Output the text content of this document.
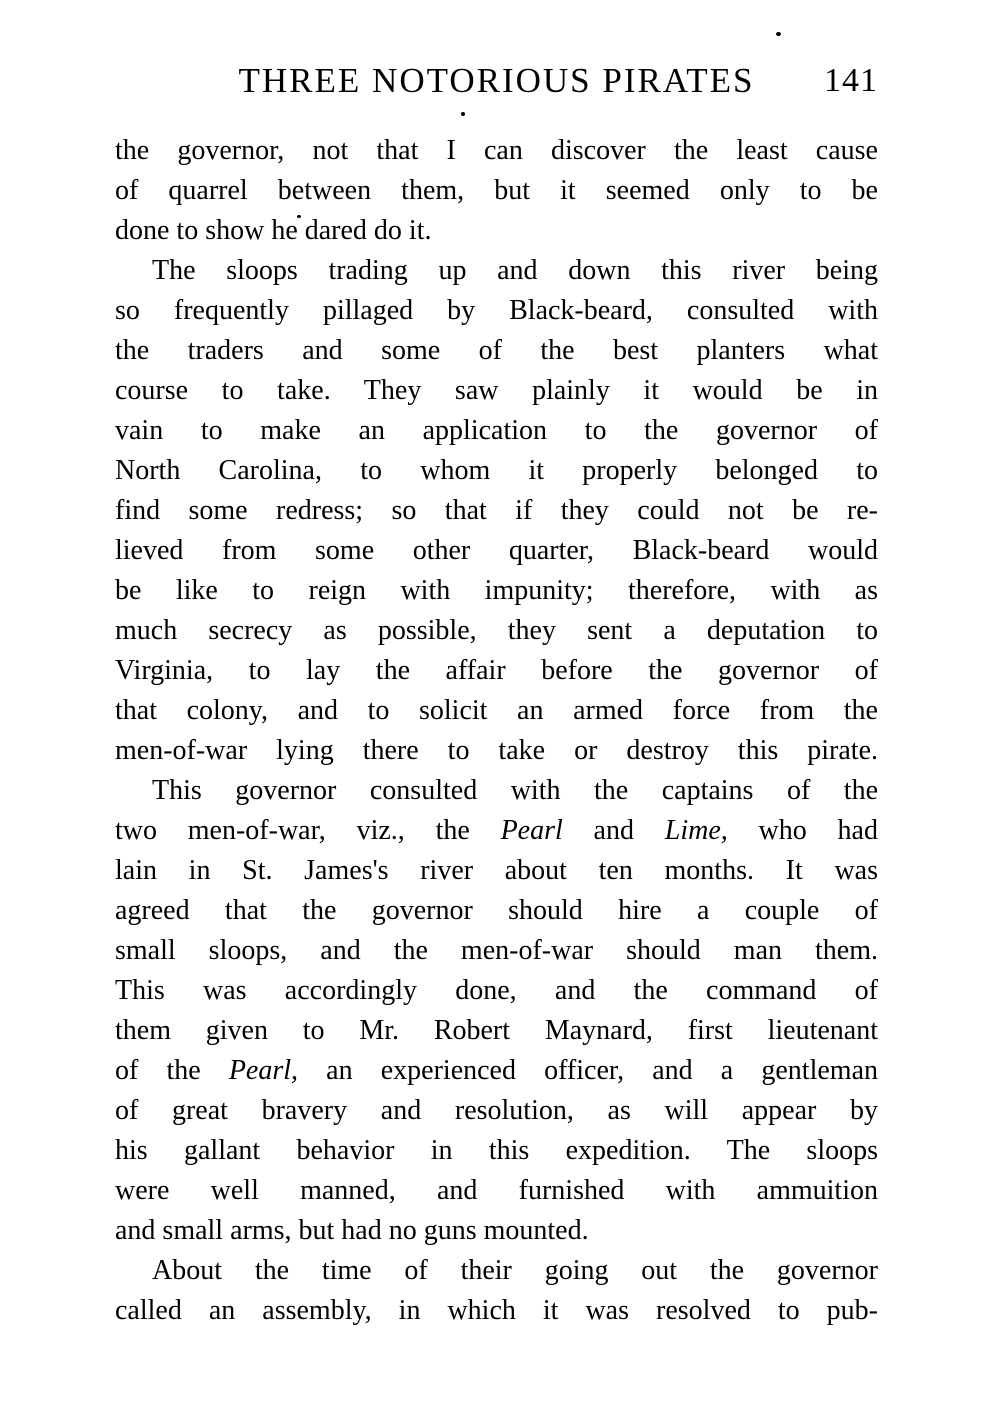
THREE NOTORIOUS PIRATES	141
the governor, not that I can discover the least cause
of quarrel between them, but it seemed only to be
done to show he dared do it.
The sloops trading up and down this river being
so frequently pillaged by Black-beard, consulted with
the traders and some of the best planters what
course to take. They saw plainly it would be in
vain to make an application to the governor of
North Carolina, to whom it properly belonged to
find some redress; so that if they could not be re-
lieved from some other quarter, Black-beard would
be like to reign with impunity; therefore, with as
much secrecy as possible, they sent a deputation to
Virginia, to lay the affair before the governor of
that colony, and to solicit an armed force from the
men-of-war lying there to take or destroy this pirate.
This governor consulted with the captains of the
two men-of-war, viz., the Pearl and Lime, who had
lain in St. James's river about ten months. It was
agreed that the governor should hire a couple of
small sloops, and the men-of-war should man them.
This was accordingly done, and the command of
them given to Mr. Robert Maynard, first lieutenant
of the Pearl, an experienced officer, and a gentleman
of great bravery and resolution, as will appear by
his gallant behavior in this expedition. The sloops
were well manned, and furnished with ammuition
and small arms, but had no guns mounted.
About the time of their going out the governor
called an assembly, in which it was resolved to pub-
